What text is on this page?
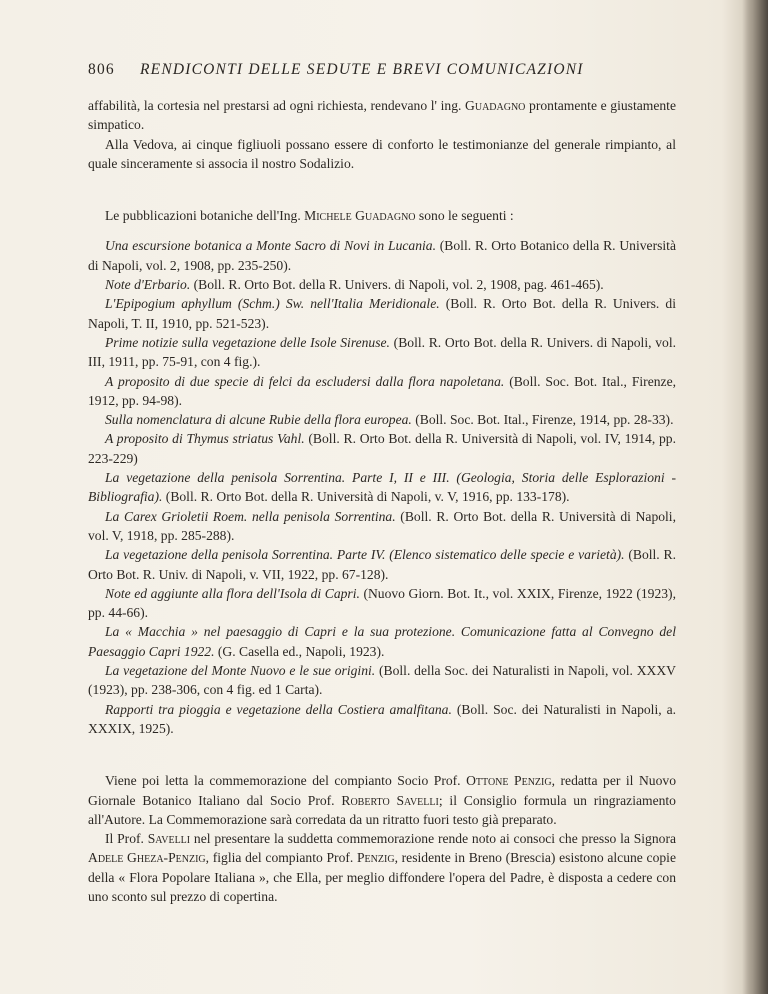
806 RENDICONTI DELLE SEDUTE E BREVI COMUNICAZIONI

affabilità, la cortesia nel prestarsi ad ogni richiesta, rendevano l' ing. Guadagno prontamente e giustamente simpatico.

Alla Vedova, ai cinque figliuoli possano essere di conforto le testimonianze del generale rimpianto, al quale sinceramente si associa il nostro Sodalizio.

Le pubblicazioni botaniche dell'Ing. Michele Guadagno sono le seguenti :

Una escursione botanica a Monte Sacro di Novi in Lucania. (Boll. R. Orto Botanico della R. Università di Napoli, vol. 2, 1908, pp. 235-250).

Note d'Erbario. (Boll. R. Orto Bot. della R. Univers. di Napoli, vol. 2, 1908, pag. 461-465).

L'Epipogium aphyllum (Schm.) Sw. nell'Italia Meridionale. (Boll. R. Orto Bot. della R. Univers. di Napoli, T. II, 1910, pp. 521-523).

Prime notizie sulla vegetazione delle Isole Sirenuse. (Boll. R. Orto Bot. della R. Univers. di Napoli, vol. III, 1911, pp. 75-91, con 4 fig.).

A proposito di due specie di felci da escludersi dalla flora napoletana. (Boll. Soc. Bot. Ital., Firenze, 1912, pp. 94-98).

Sulla nomenclatura di alcune Rubie della flora europea. (Boll. Soc. Bot. Ital., Firenze, 1914, pp. 28-33).

A proposito di Thymus striatus Vahl. (Boll. R. Orto Bot. della R. Università di Napoli, vol. IV, 1914, pp. 223-229)

La vegetazione della penisola Sorrentina. Parte I, II e III. (Geologia, Storia delle Esplorazioni - Bibliografia). (Boll. R. Orto Bot. della R. Università di Napoli, v. V, 1916, pp. 133-178).

La Carex Grioletii Roem. nella penisola Sorrentina. (Boll. R. Orto Bot. della R. Università di Napoli, vol. V, 1918, pp. 285-288).

La vegetazione della penisola Sorrentina. Parte IV. (Elenco sistematico delle specie e varietà). (Boll. R. Orto Bot. R. Univ. di Napoli, v. VII, 1922, pp. 67-128).

Note ed aggiunte alla flora dell'Isola di Capri. (Nuovo Giorn. Bot. It., vol. XXIX, Firenze, 1922 (1923), pp. 44-66).

La « Macchia » nel paesaggio di Capri e la sua protezione. Comunicazione fatta al Convegno del Paesaggio Capri 1922. (G. Casella ed., Napoli, 1923).

La vegetazione del Monte Nuovo e le sue origini. (Boll. della Soc. dei Naturalisti in Napoli, vol. XXXV (1923), pp. 238-306, con 4 fig. ed 1 Carta).

Rapporti tra pioggia e vegetazione della Costiera amalfitana. (Boll. Soc. dei Naturalisti in Napoli, a. XXXIX, 1925).

Viene poi letta la commemorazione del compianto Socio Prof. Ottone Penzig, redatta per il Nuovo Giornale Botanico Italiano dal Socio Prof. Roberto Savelli; il Consiglio formula un ringraziamento all'Autore. La Commemorazione sarà corredata da un ritratto fuori testo già preparato.

Il Prof. Savelli nel presentare la suddetta commemorazione rende noto ai consoci che presso la Signora Adele Gheza-Penzig, figlia del compianto Prof. Penzig, residente in Breno (Brescia) esistono alcune copie della « Flora Popolare Italiana », che Ella, per meglio diffondere l'opera del Padre, è disposta a cedere con uno sconto sul prezzo di copertina.
